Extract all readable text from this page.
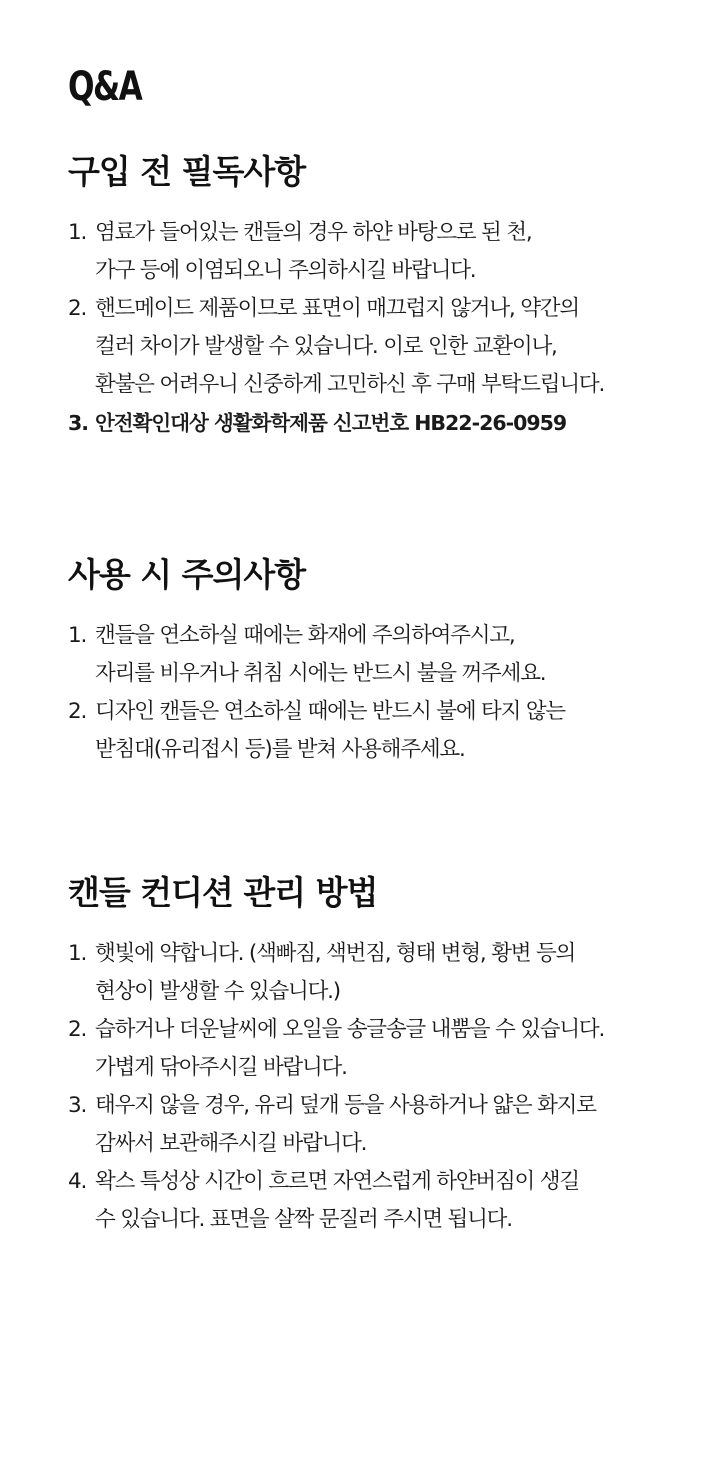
Q&A
구입 전 필독사항
1. 염료가 들어있는 캔들의 경우 하얀 바탕으로 된 천,
가구 등에 이염되오니 주의하시길 바랍니다.
2. 핸드메이드 제품이므로 표면이 매끄럽지 않거나, 약간의
컬러 차이가 발생할 수 있습니다. 이로 인한 교환이나,
환불은 어려우니 신중하게 고민하신 후 구매 부탁드립니다.
3. 안전확인대상 생활화학제품 신고번호 HB22-26-0959
사용 시 주의사항
1. 캔들을 연소하실 때에는 화재에 주의하여주시고,
자리를 비우거나 취침 시에는 반드시 불을 꺼주세요.
2. 디자인 캔들은 연소하실 때에는 반드시 불에 타지 않는
받침대(유리접시 등)를 받쳐 사용해주세요.
캔들 컨디션 관리 방법
1. 햇빛에 약합니다. (색빠짐, 색번짐, 형태 변형, 황변 등의
현상이 발생할 수 있습니다.)
2. 습하거나 더운날씨에 오일을 송글송글 내뿜을 수 있습니다.
가볍게 닦아주시길 바랍니다.
3. 태우지 않을 경우, 유리 덮개 등을 사용하거나 얇은 화지로
감싸서 보관해주시길 바랍니다.
4. 왁스 특성상 시간이 흐르면 자연스럽게 하얀버짐이 생길
수 있습니다. 표면을 살짝 문질러 주시면 됩니다.
